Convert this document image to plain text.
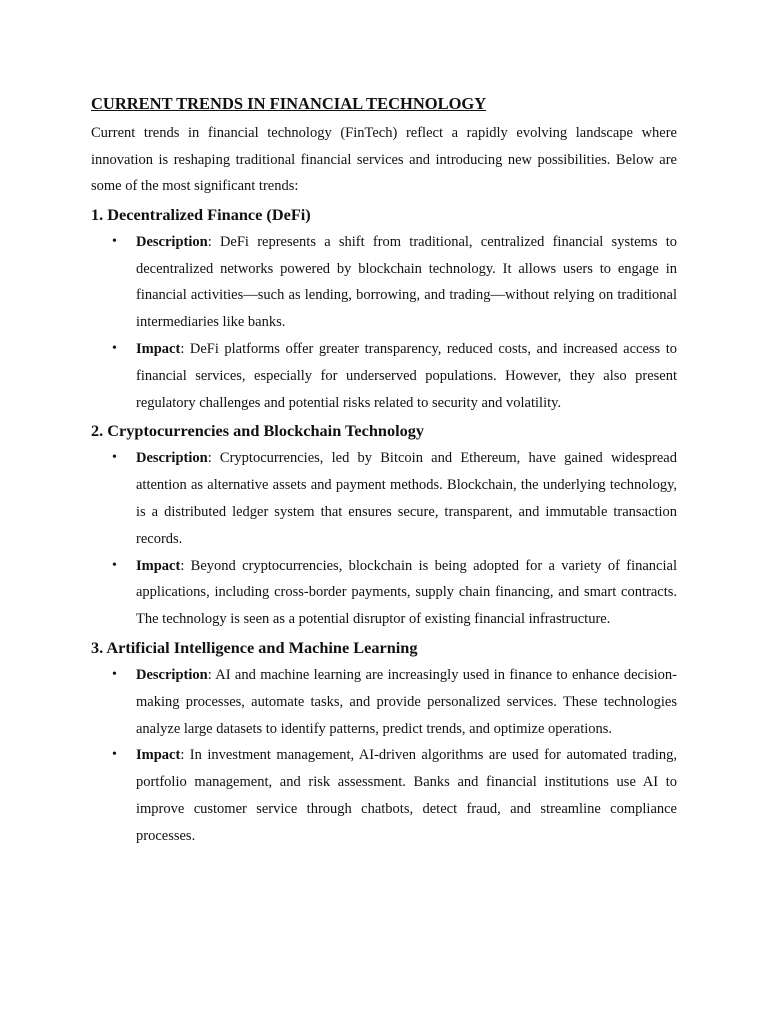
CURRENT TRENDS IN FINANCIAL TECHNOLOGY

Current trends in financial technology (FinTech) reflect a rapidly evolving landscape where innovation is reshaping traditional financial services and introducing new possibilities. Below are some of the most significant trends:

1. Decentralized Finance (DeFi)
• Description: DeFi represents a shift from traditional, centralized financial systems to decentralized networks powered by blockchain technology. It allows users to engage in financial activities—such as lending, borrowing, and trading—without relying on traditional intermediaries like banks.
• Impact: DeFi platforms offer greater transparency, reduced costs, and increased access to financial services, especially for underserved populations. However, they also present regulatory challenges and potential risks related to security and volatility.
2. Cryptocurrencies and Blockchain Technology
• Description: Cryptocurrencies, led by Bitcoin and Ethereum, have gained widespread attention as alternative assets and payment methods. Blockchain, the underlying technology, is a distributed ledger system that ensures secure, transparent, and immutable transaction records.
• Impact: Beyond cryptocurrencies, blockchain is being adopted for a variety of financial applications, including cross-border payments, supply chain financing, and smart contracts. The technology is seen as a potential disruptor of existing financial infrastructure.
3. Artificial Intelligence and Machine Learning
• Description: AI and machine learning are increasingly used in finance to enhance decision-making processes, automate tasks, and provide personalized services. These technologies analyze large datasets to identify patterns, predict trends, and optimize operations.
• Impact: In investment management, AI-driven algorithms are used for automated trading, portfolio management, and risk assessment. Banks and financial institutions use AI to improve customer service through chatbots, detect fraud, and streamline compliance processes.
